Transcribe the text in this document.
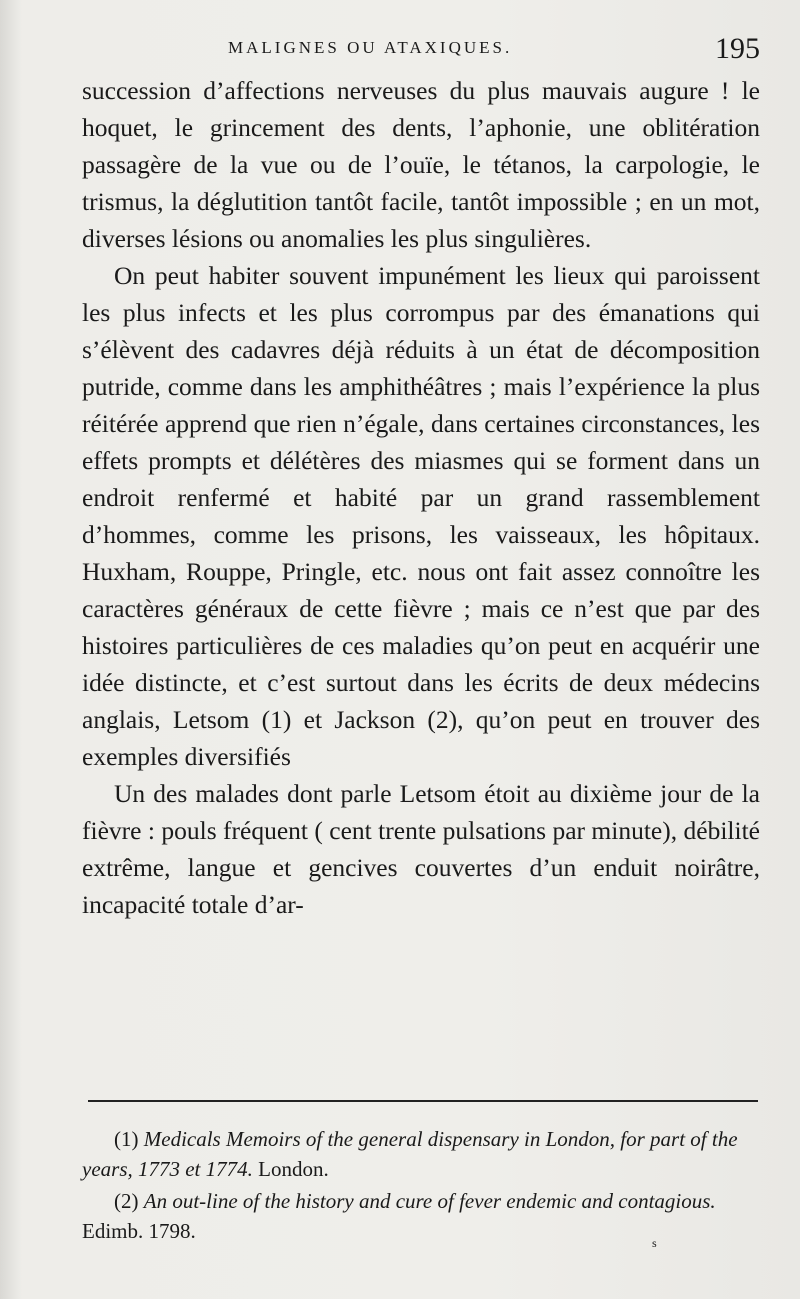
MALIGNES OU ATAXIQUES.	195

succession d’affections nerveuses du plus mauvais augure ! le hoquet, le grincement des dents, l’aphonie, une oblitération passagère de la vue ou de l’ouïe, le tétanos, la carpologie, le trismus, la déglutition tantôt facile, tantôt impossible ; en un mot, diverses lésions ou anomalies les plus singulières.

On peut habiter souvent impunément les lieux qui paroissent les plus infects et les plus corrompus par des émanations qui s’élèvent des cadavres déjà réduits à un état de décomposition putride, comme dans les amphithéâtres ; mais l’expérience la plus réitérée apprend que rien n’égale, dans certaines circonstances, les effets prompts et délétères des miasmes qui se forment dans un endroit renfermé et habité par un grand rassemblement d’hommes, comme les prisons, les vaisseaux, les hôpitaux. Huxham, Rouppe, Pringle, etc. nous ont fait assez connoître les caractères généraux de cette fièvre ; mais ce n’est que par des histoires particulières de ces maladies qu’on peut en acquérir une idée distincte, et c’est surtout dans les écrits de deux médecins anglais, Letsom (1) et Jackson (2), qu’on peut en trouver des exemples diversifiés

Un des malades dont parle Letsom étoit au dixième jour de la fièvre : pouls fréquent ( cent trente pulsations par minute), débilité extrême, langue et gencives couvertes d’un enduit noirâtre, incapacité totale d’ar-

(1) Medicals Memoirs of the general dispensary in London, for part of the years, 1773 et 1774. London.

(2) An out-line of the history and cure of fever endemic and contagious. Edimb. 1798.	s
